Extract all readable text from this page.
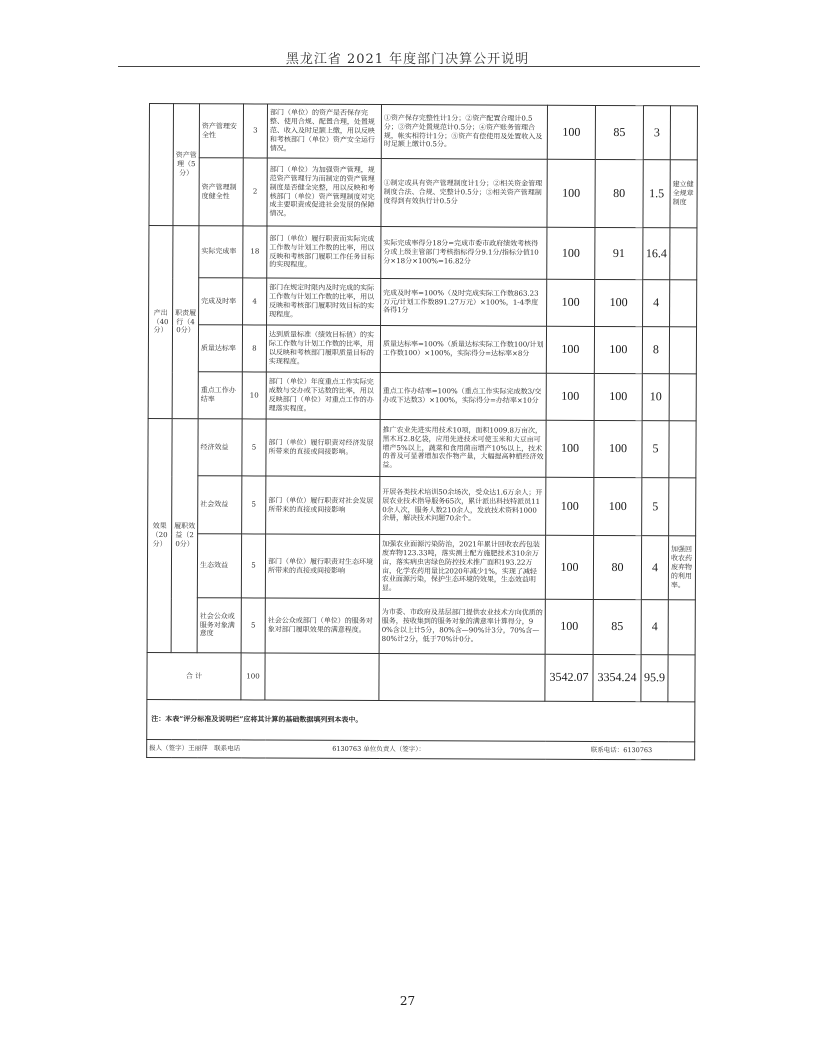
黑龙江省 2021 年度部门决算公开说明
	资产管理（5分）	资产管理安全性	3	部门（单位）的资产是否保存完整、使用合规、配置合理，处置规范、收入及时足额上缴，用以反映和考核部门（单位）资产安全运行情况。	①资产保存完整性计1分；②资产配置合理计0.5分；③资产处置规范计0.5分；④资产账务管理合规，帐实相符计1分；⑤资产有偿使用及处置收入及时足额上缴计0.5分。	100	85	3	
		资产管理制度健全性	2	部门（单位）为加强资产管理，规范资产管理行为而制定的资产管理制度是否健全完整，用以反映和考核部门（单位）资产管理制度对完成主要职责或促进社会发展的保障情况。	①制定或具有资产管理制度计1分；②相关资金管理制度合法、合规、完整计0.5分；③相关资产管理制度得到有效执行计0.5分	100	80	1.5	建立健全规章制度
产出（40分）	职责履行（40分）	实际完成率	18	部门（单位）履行职责而实际完成工作数与计划工作数的比率，用以反映和考核部门履职工作任务目标的实现程度。	实际完成率得分18分=完成市委市政府绩效考核得分或上级主管部门考核指标得分9.1分/指标分值10分×18分×100%=16.82分	100	91	16.4	
		完成及时率	4	部门在规定时限内及时完成的实际工作数与计划工作数的比率，用以反映和考核部门履职时效目标的实现程度。	完成及时率=100%（及时完成实际工作数863.23万元/计划工作数891.27万元）×100%，1-4季度各得1分	100	100	4	
		质量达标率	8	达到质量标准（绩效目标值）的实际工作数与计划工作数的比率，用以反映和考核部门履职质量目标的实现程度。	质量达标率=100%（质量达标实际工作数100/计划工作数100）×100%，实际得分=达标率×8分	100	100	8	
		重点工作办结率	10	部门（单位）年度重点工作实际完成数与交办或下达数的比率，用以反映部门（单位）对重点工作的办理落实程度。	重点工作办结率=100%（重点工作实际完成数3/交办或下达数3）×100%，实际得分=办结率×10分	100	100	10	
效果（20分）	履职效益（20分）	经济效益	5	部门（单位）履行职责对经济发展所带来的直接或间接影响。	推广农业先进实用技术10项，面积1009.8万亩次，黑木耳2.8亿袋，应用先进技术可使玉米和大豆亩可增产5%以上，蔬菜和食用菌亩增产10%以上，技术的普及可显著增加农作物产量，大幅提高种植经济效益。	100	100	5	
		社会效益	5	部门（单位）履行职责对社会发展所带来的直接或间接影响	开展各类技术培训50余场次，受众达1.6万余人；开展农业技术指导服务65次，累计派出科技特派员110余人次，服务人数210余人，发放技术资料1000余册，解决技术问题70余个。	100	100	5	
		生态效益	5	部门（单位）履行职责对生态环境所带来的直接或间接影响	加强农业面源污染防治，2021年累计回收农药包装废弃物123.33吨，落实测土配方施肥技术310余万亩，落实病虫害绿色防控技术推广面积193.22万亩，化学农药用量比2020年减少1%，实现了减轻农业面源污染，保护生态环境的效果，生态效益明显。	100	80	4	加强回收农药废弃物的利用率。
		社会公众或服务对象满意度	5	社会公众或部门（单位）的服务对象对部门履职效果的满意程度。	为市委、市政府及基层部门提供农业技术方向优质的服务，按收集到的服务对象的满意率计算得分，90%含以上计5分，80%含—90%计3分，70%含—80%计2分，低于70%计0分。	100	85	4	
合 计			100			3542.07	3354.24	95.9	
注：本表“评分标准及说明栏”应将其计算的基础数据填列到本表中。									
报人（签字）王丽萍　联系电话 6130763 单位负责人（签字）： 联系电话：6130763									
27
